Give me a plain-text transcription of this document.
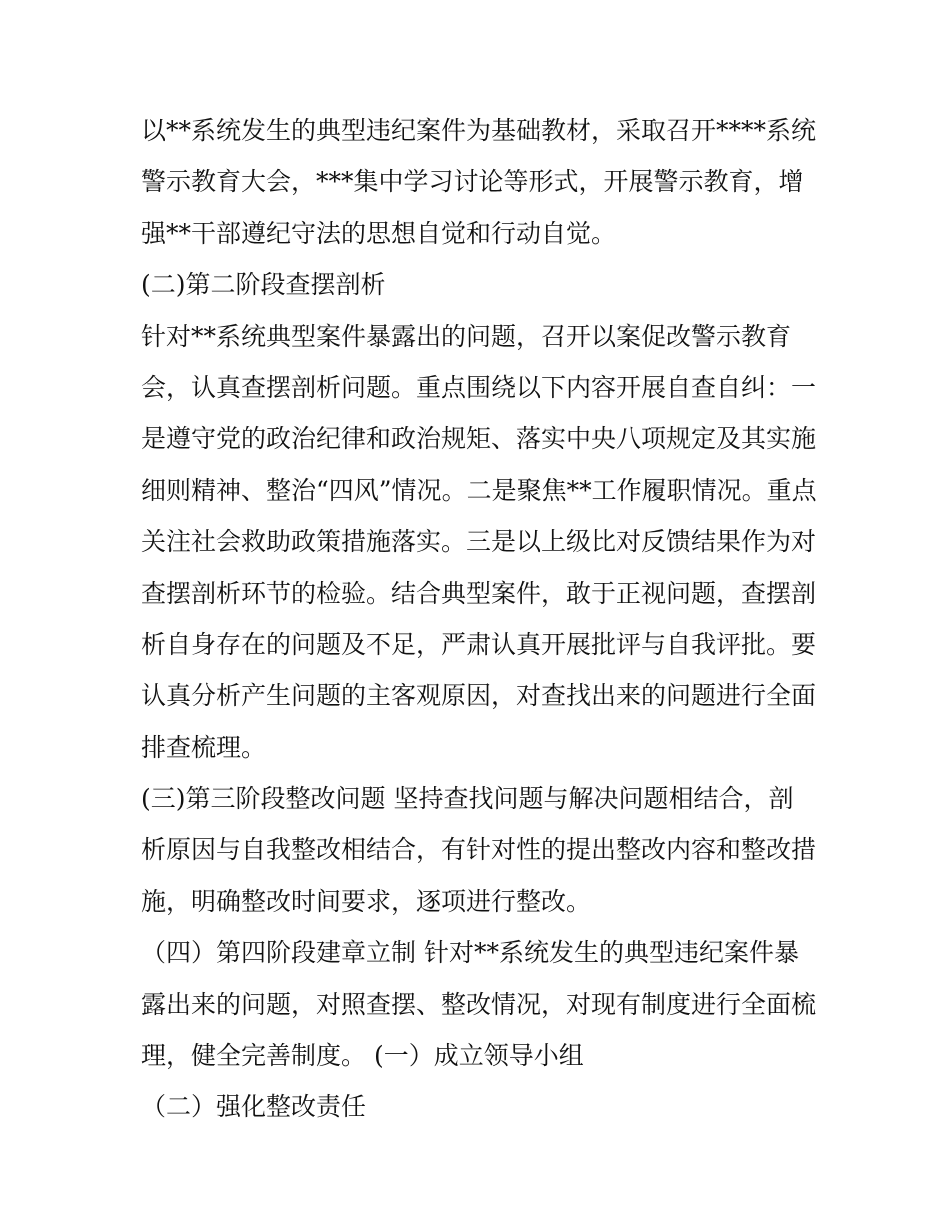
以**系统发生的典型违纪案件为基础教材，采取召开****系统
警示教育大会，***集中学习讨论等形式，开展警示教育，增
强**干部遵纪守法的思想自觉和行动自觉。
(二)第二阶段查摆剖析
针对**系统典型案件暴露出的问题，召开以案促改警示教育
会，认真查摆剖析问题。重点围绕以下内容开展自查自纠：一
是遵守党的政治纪律和政治规矩、落实中央八项规定及其实施
细则精神、整治“四风”情况。二是聚焦**工作履职情况。重点
关注社会救助政策措施落实。三是以上级比对反馈结果作为对
查摆剖析环节的检验。结合典型案件，敢于正视问题，查摆剖
析自身存在的问题及不足，严肃认真开展批评与自我评批。要
认真分析产生问题的主客观原因，对查找出来的问题进行全面
排查梳理。
(三)第三阶段整改问题 坚持查找问题与解决问题相结合，剖
析原因与自我整改相结合，有针对性的提出整改内容和整改措
施，明确整改时间要求，逐项进行整改。
（四）第四阶段建章立制 针对**系统发生的典型违纪案件暴
露出来的问题，对照查摆、整改情况，对现有制度进行全面梳
理，健全完善制度。 (一）成立领导小组
（二）强化整改责任
